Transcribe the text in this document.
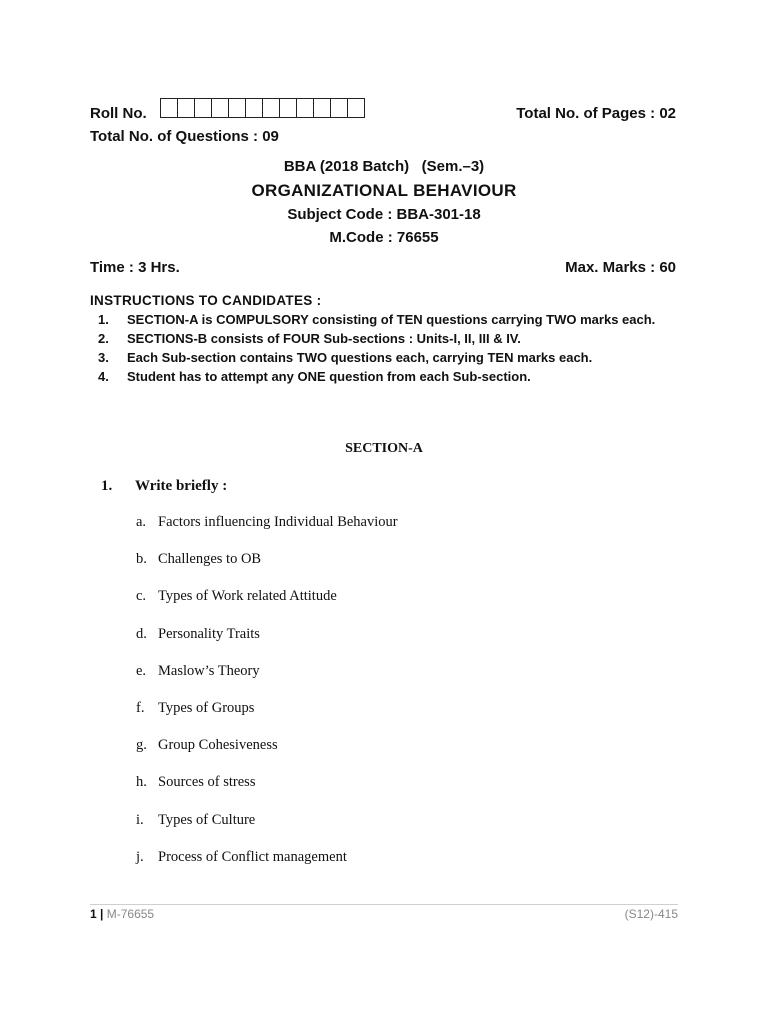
Roll No.	Total No. of Pages : 02
Total No. of Questions : 09
BBA (2018 Batch)   (Sem.–3)
ORGANIZATIONAL BEHAVIOUR
Subject Code : BBA-301-18
M.Code : 76655
Time : 3 Hrs.	Max. Marks : 60
INSTRUCTIONS TO CANDIDATES :
1.	SECTION-A is COMPULSORY consisting of TEN questions carrying TWO marks each.
2.	SECTIONS-B consists of FOUR Sub-sections : Units-I, II, III & IV.
3.	Each Sub-section contains TWO questions each, carrying TEN marks each.
4.	Student has to attempt any ONE question from each Sub-section.
SECTION-A
1. Write briefly :
a. Factors influencing Individual Behaviour
b. Challenges to OB
c. Types of Work related Attitude
d. Personality Traits
e. Maslow’s Theory
f. Types of Groups
g. Group Cohesiveness
h. Sources of stress
i. Types of Culture
j. Process of Conflict management
1 | M-76655	(S12)-415
